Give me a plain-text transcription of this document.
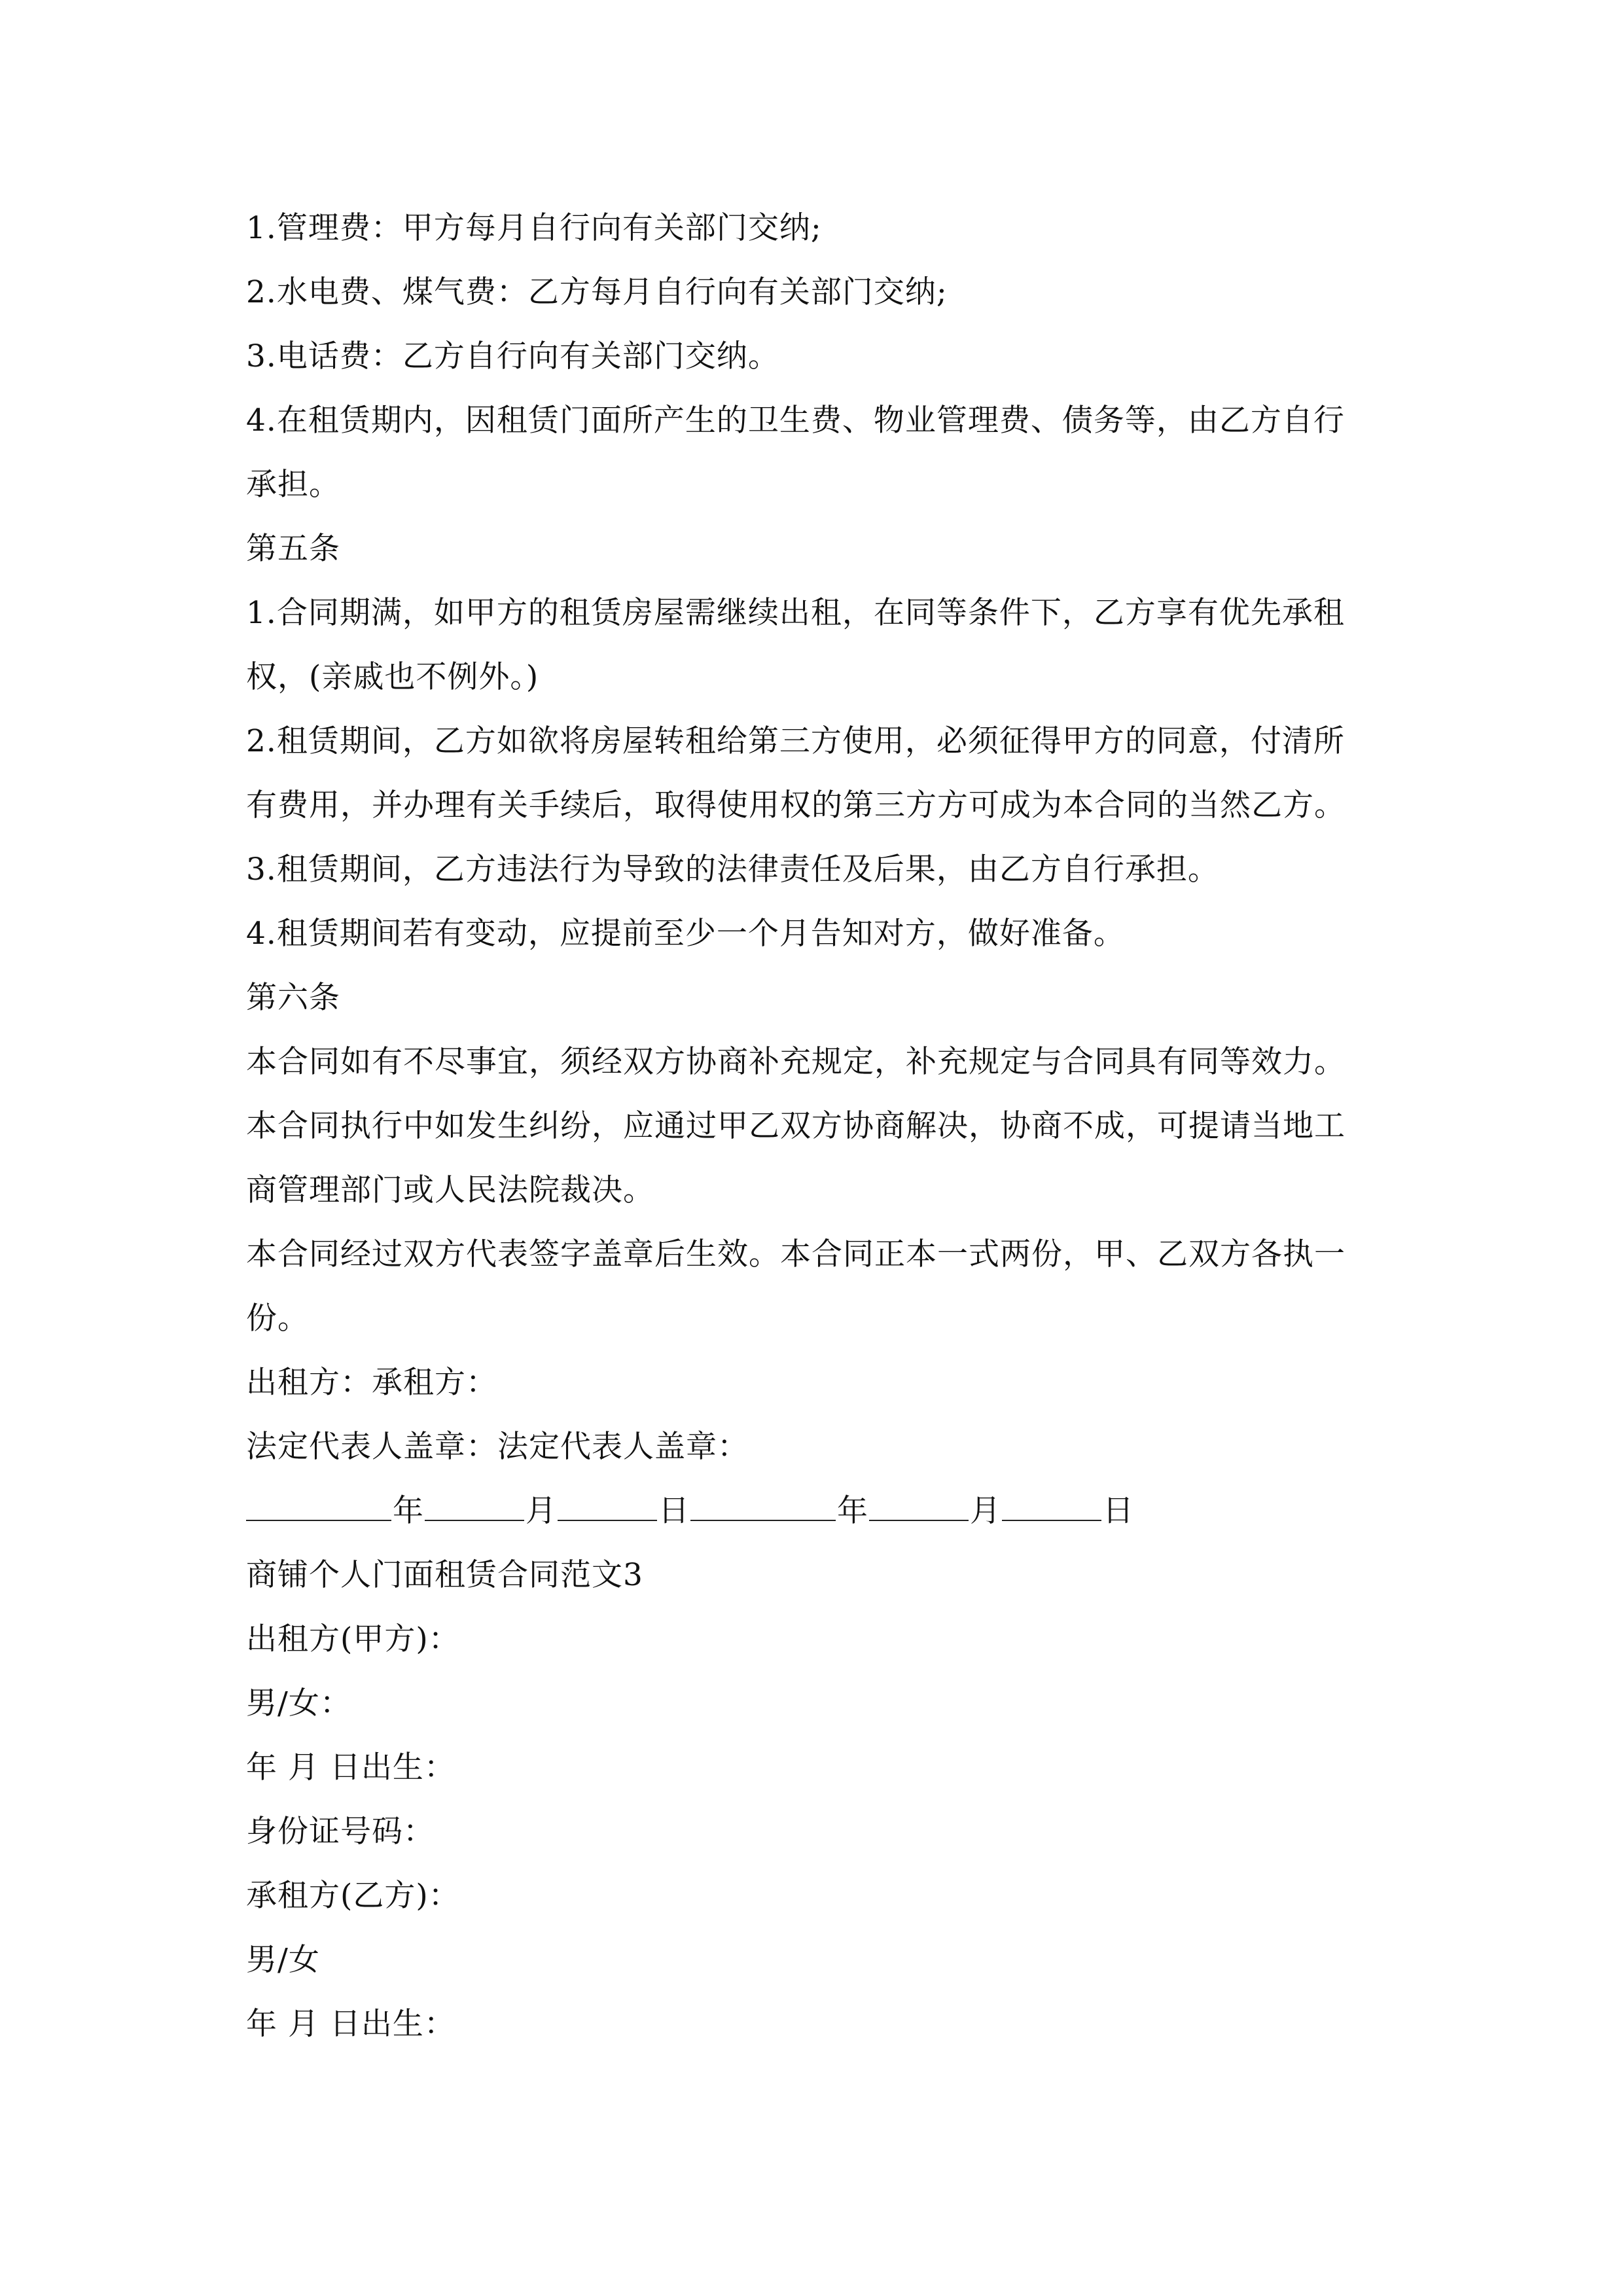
1.管理费：甲方每月自行向有关部门交纳;
2.水电费、煤气费：乙方每月自行向有关部门交纳;
3.电话费：乙方自行向有关部门交纳。
4.在租赁期内，因租赁门面所产生的卫生费、物业管理费、债务等，由乙方自行
承担。
第五条
1.合同期满，如甲方的租赁房屋需继续出租，在同等条件下，乙方享有优先承租
权，(亲戚也不例外。)
2.租赁期间，乙方如欲将房屋转租给第三方使用，必须征得甲方的同意，付清所
有费用，并办理有关手续后，取得使用权的第三方方可成为本合同的当然乙方。
3.租赁期间，乙方违法行为导致的法律责任及后果，由乙方自行承担。
4.租赁期间若有变动，应提前至少一个月告知对方，做好准备。
第六条
本合同如有不尽事宜，须经双方协商补充规定，补充规定与合同具有同等效力。
本合同执行中如发生纠纷，应通过甲乙双方协商解决，协商不成，可提请当地工
商管理部门或人民法院裁决。
本合同经过双方代表签字盖章后生效。本合同正本一式两份，甲、乙双方各执一
份。
出租方：承租方：
法定代表人盖章：法定代表人盖章：
年	月	日	年	月	日
商铺个人门面租赁合同范文3
出租方(甲方)：
男/女：
年 月 日出生：
身份证号码：
承租方(乙方)：
男/女
年 月 日出生：
